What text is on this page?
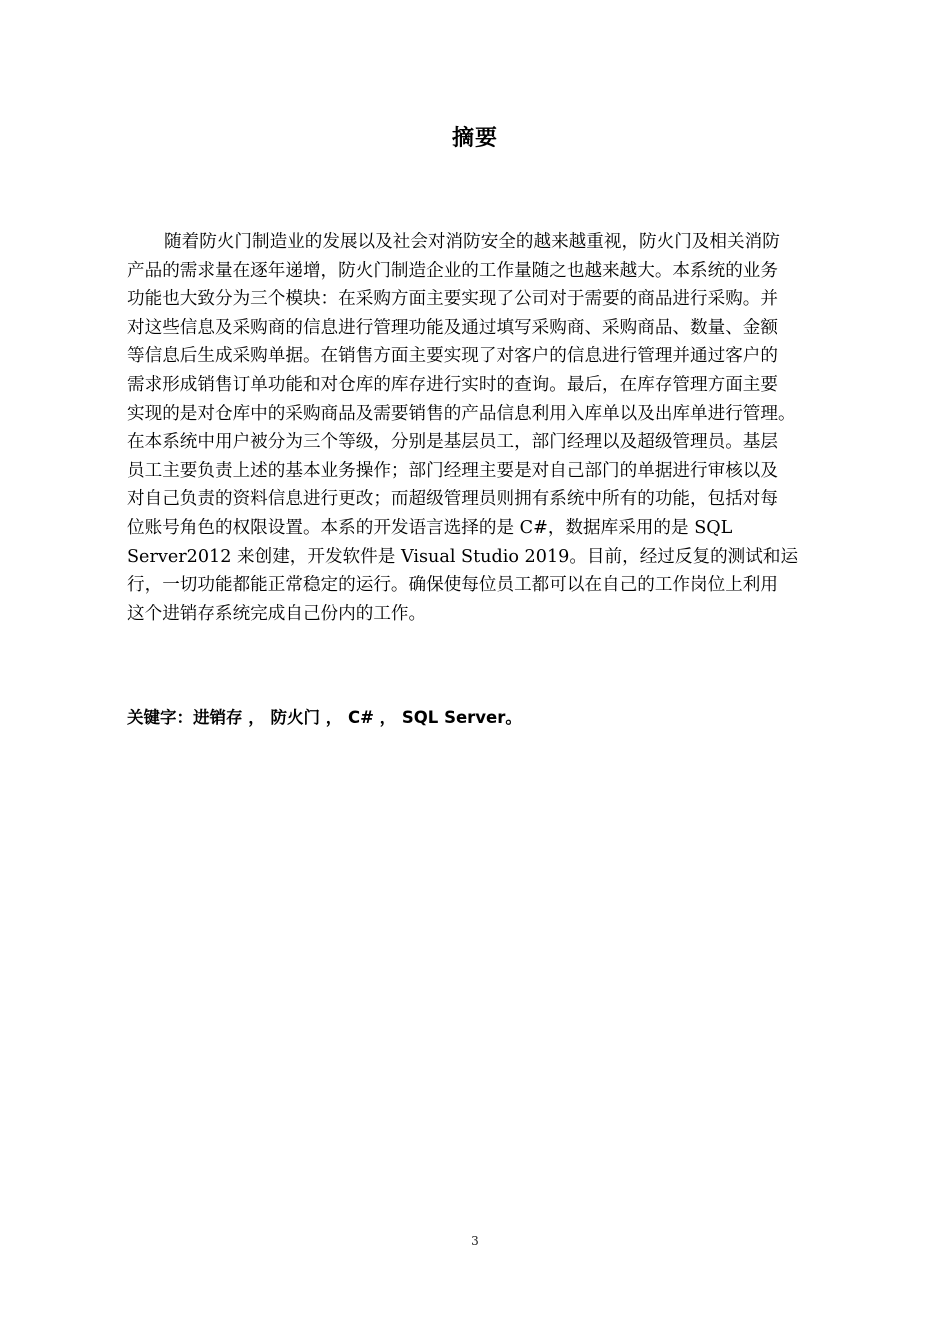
摘要
随着防火门制造业的发展以及社会对消防安全的越来越重视，防火门及相关消防
产品的需求量在逐年递增，防火门制造企业的工作量随之也越来越大。本系统的业务
功能也大致分为三个模块：在采购方面主要实现了公司对于需要的商品进行采购。并
对这些信息及采购商的信息进行管理功能及通过填写采购商、采购商品、数量、金额
等信息后生成采购单据。在销售方面主要实现了对客户的信息进行管理并通过客户的
需求形成销售订单功能和对仓库的库存进行实时的查询。最后，在库存管理方面主要
实现的是对仓库中的采购商品及需要销售的产品信息利用入库单以及出库单进行管理。
在本系统中用户被分为三个等级，分别是基层员工，部门经理以及超级管理员。基层
员工主要负责上述的基本业务操作；部门经理主要是对自己部门的单据进行审核以及
对自己负责的资料信息进行更改；而超级管理员则拥有系统中所有的功能，包括对每
位账号角色的权限设置。本系的开发语言选择的是 C#，数据库采用的是 SQL
Server2012 来创建，开发软件是 Visual Studio 2019。目前，经过反复的测试和运
行，一切功能都能正常稳定的运行。确保使每位员工都可以在自己的工作岗位上利用
这个进销存系统完成自己份内的工作。
关键字：进销存 ， 防火门 ， C# ， SQL Server。
3
